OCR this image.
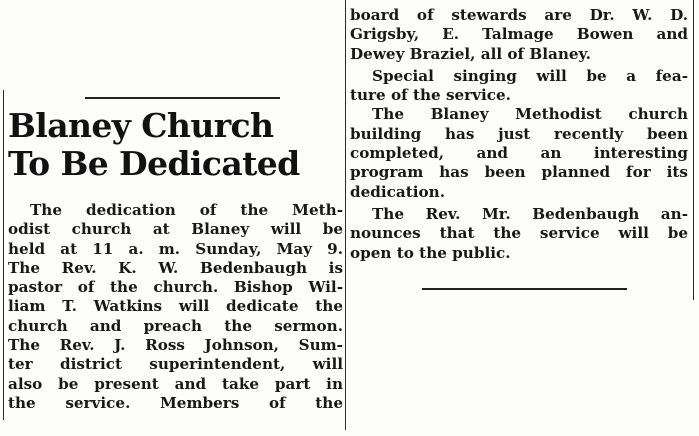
Blaney Church
To Be Dedicated

The dedication of the Meth-
odist church at Blaney will be
held at 11 a. m. Sunday, May 9.
The Rev. K. W. Bedenbaugh is
pastor of the church. Bishop Wil-
liam T. Watkins will dedicate the
church and preach the sermon.
The Rev. J. Ross Johnson, Sum-
ter district superintendent, will
also be present and take part in
the service. Members of the

board of stewards are Dr. W. D.
Grigsby, E. Talmage Bowen and
Dewey Braziel, all of Blaney.

Special singing will be a fea-
ture of the service.

The Blaney Methodist church
building has just recently been
completed, and an interesting
program has been planned for its
dedication.

The Rev. Mr. Bedenbaugh an-
nounces that the service will be
open to the public.
